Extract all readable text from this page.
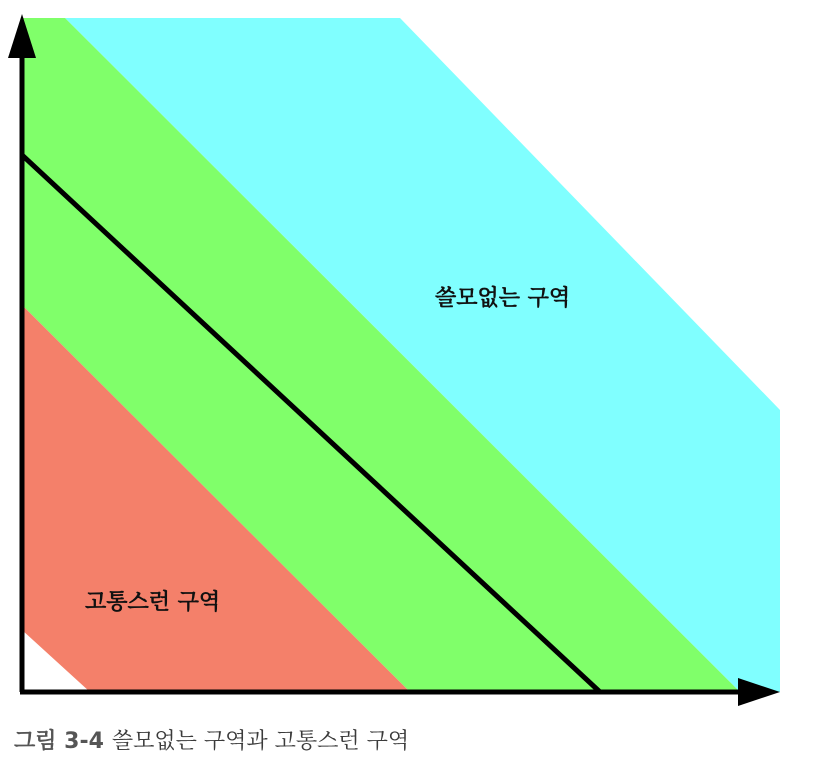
쓸모없는 구역
고통스런 구역
그림 3-4 쓸모없는 구역과 고통스런 구역
